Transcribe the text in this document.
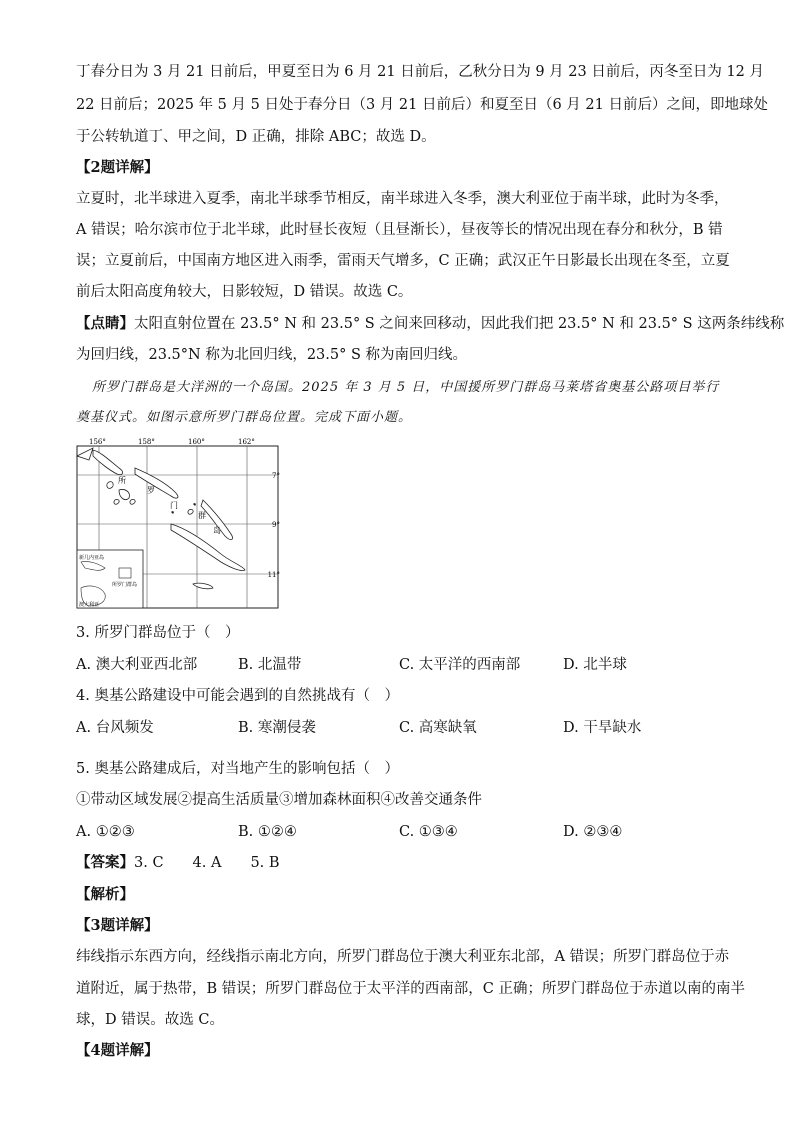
丁春分日为 3 月 21 日前后，甲夏至日为 6 月 21 日前后，乙秋分日为 9 月 23 日前后，丙冬至日为 12 月
22 日前后；2025 年 5 月 5 日处于春分日（3 月 21 日前后）和夏至日（6 月 21 日前后）之间，即地球处
于公转轨道丁、甲之间，D 正确，排除 ABC；故选 D。
【2题详解】
立夏时，北半球进入夏季，南北半球季节相反，南半球进入冬季，澳大利亚位于南半球，此时为冬季，
A 错误；哈尔滨市位于北半球，此时昼长夜短（且昼渐长），昼夜等长的情况出现在春分和秋分，B 错
误；立夏前后，中国南方地区进入雨季，雷雨天气增多，C 正确；武汉正午日影最长出现在冬至，立夏
前后太阳高度角较大，日影较短，D 错误。故选 C。
【点睛】太阳直射位置在 23.5° N 和 23.5° S 之间来回移动，因此我们把 23.5° N 和 23.5° S 这两条纬线称
为回归线，23.5°N 称为北回归线，23.5° S 称为南回归线。
所罗门群岛是大洋洲的一个岛国。2025 年 3 月 5 日，中国援所罗门群岛马莱塔省奥基公路项目举行
奠基仪式。如图示意所罗门群岛位置。完成下面小题。
156°	158°	160°	162°
7°
9°
11°
所
罗
门
群
岛
新几内亚岛
所罗门群岛
澳大利亚
3. 所罗门群岛位于（　）
A. 澳大利亚西北部	B. 北温带	C. 太平洋的西南部	D. 北半球
4. 奥基公路建设中可能会遇到的自然挑战有（　）
A. 台风频发	B. 寒潮侵袭	C. 高寒缺氧	D. 干旱缺水
5. 奥基公路建成后，对当地产生的影响包括（　）
①带动区域发展②提高生活质量③增加森林面积④改善交通条件
A. ①②③	B. ①②④	C. ①③④	D. ②③④
【答案】3. C　　4. A　　5. B
【解析】
【3题详解】
纬线指示东西方向，经线指示南北方向，所罗门群岛位于澳大利亚东北部，A 错误；所罗门群岛位于赤
道附近，属于热带，B 错误；所罗门群岛位于太平洋的西南部，C 正确；所罗门群岛位于赤道以南的南半
球，D 错误。故选 C。
【4题详解】
